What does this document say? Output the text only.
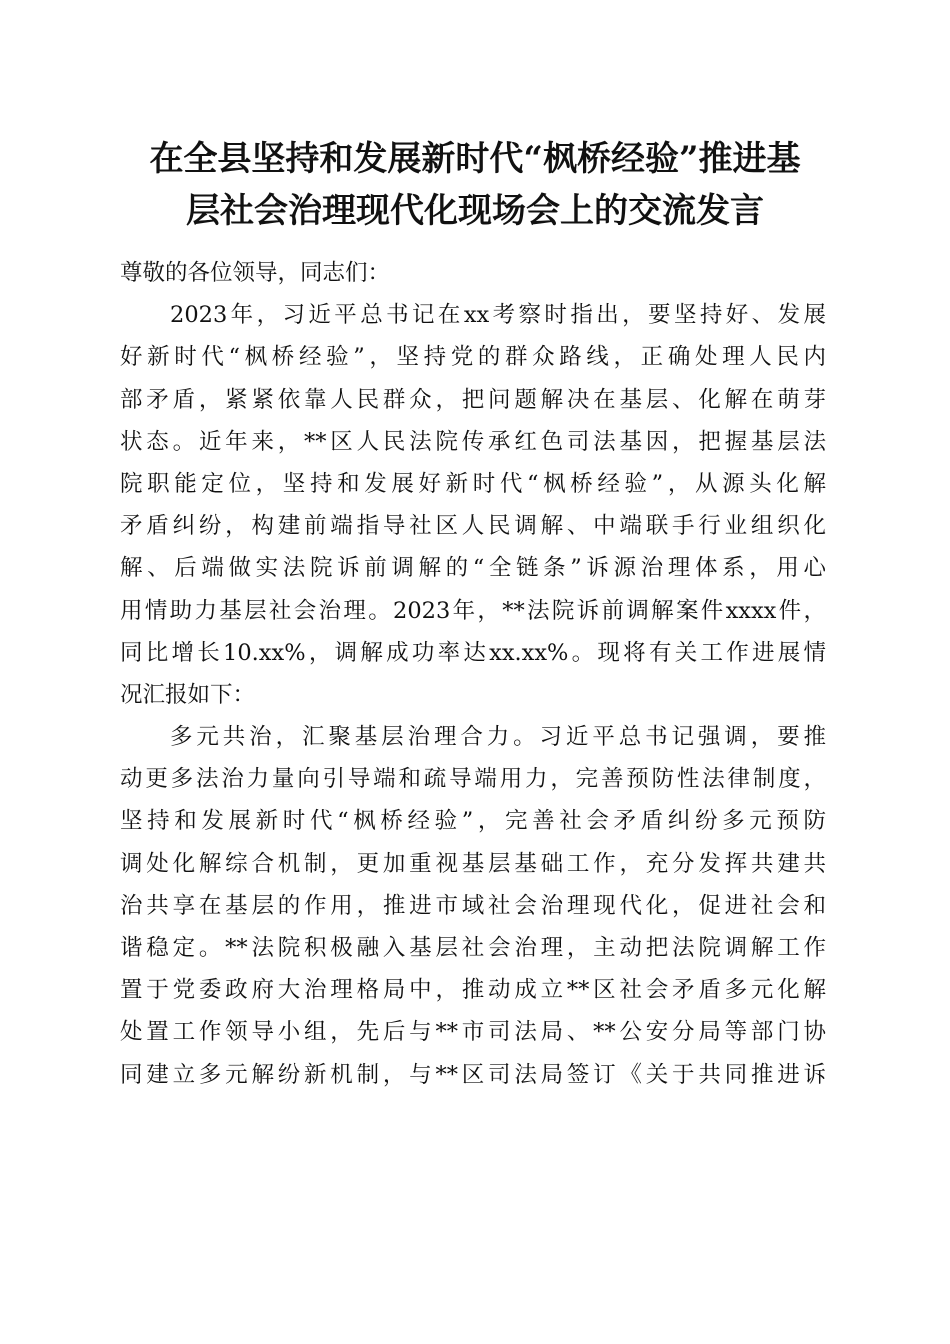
在全县坚持和发展新时代“枫桥经验”推进基
层社会治理现代化现场会上的交流发言
尊敬的各位领导，同志们：
2023年，习近平总书记在xx考察时指出，要坚持好、发展
好新时代“枫桥经验”，坚持党的群众路线，正确处理人民内
部矛盾，紧紧依靠人民群众，把问题解决在基层、化解在萌芽
状态。近年来，**区人民法院传承红色司法基因，把握基层法
院职能定位，坚持和发展好新时代“枫桥经验”，从源头化解
矛盾纠纷，构建前端指导社区人民调解、中端联手行业组织化
解、后端做实法院诉前调解的“全链条”诉源治理体系，用心
用情助力基层社会治理。2023年，**法院诉前调解案件xxxx件，
同比增长10.xx%，调解成功率达xx.xx%。现将有关工作进展情
况汇报如下：
多元共治，汇聚基层治理合力。习近平总书记强调，要推
动更多法治力量向引导端和疏导端用力，完善预防性法律制度，
坚持和发展新时代“枫桥经验”，完善社会矛盾纠纷多元预防
调处化解综合机制，更加重视基层基础工作，充分发挥共建共
治共享在基层的作用，推进市域社会治理现代化，促进社会和
谐稳定。**法院积极融入基层社会治理，主动把法院调解工作
置于党委政府大治理格局中，推动成立**区社会矛盾多元化解
处置工作领导小组，先后与**市司法局、**公安分局等部门协
同建立多元解纷新机制，与**区司法局签订《关于共同推进诉
